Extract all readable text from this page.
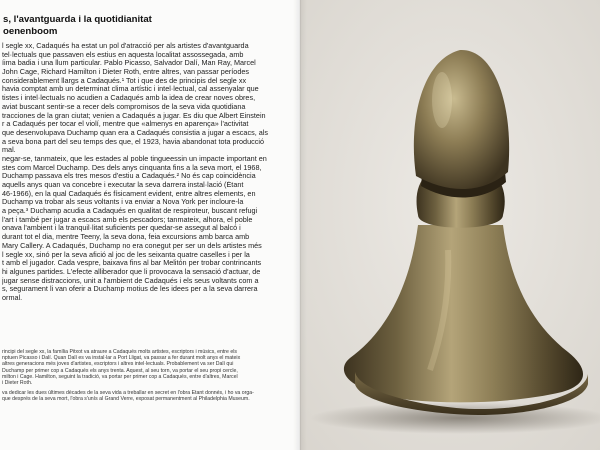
s, l'avantguarda i la quotidianitat
oenenboom
l segle xx, Cadaqués ha estat un pol d'atracció per als artistes d'avantguarda
tel·lectuals que passaven els estius en aquesta localitat assossegada, amb
íima badia i una llum particular. Pablo Picasso, Salvador Dalí, Man Ray, Marcel
John Cage, Richard Hamilton i Dieter Roth, entre altres, van passar períodes
considerablement llargs a Cadaqués.¹ Tot i que des de principis del segle xx
havia comptat amb un determinat clima artístic i intel·lectual, cal assenyalar que
tistes i intel·lectuals no acudien a Cadaqués amb la idea de crear noves obres,
aviat buscant sentir-se a recer dels compromisos de la seva vida quotidiana
tracciones de la gran ciutat; venien a Cadaqués a jugar. Es diu que Albert Einstein
r a Cadaqués per tocar el violí, mentre que «almenys en aparença» l'activitat
que desenvolupava Duchamp quan era a Cadaqués consistia a jugar a escacs, als
a seva bona part del seu temps des que, el 1923, havia abandonat tota producció
mal.
negar-se, tanmateix, que les estades al poble tingueessin un impacte important en
stes com Marcel Duchamp. Des dels anys cinquanta fins a la seva mort, el 1968,
Duchamp passava els tres mesos d'estiu a Cadaqués.² No és cap coincidència
aquells anys quan va concebre i executar la seva darrera instal·lació (Étant
46-1966), en la qual Cadaqués és físicament evident, entre altres elements, en
Duchamp va trobar als seus voltants i va enviar a Nova York per incloure-la
a peça.³ Duchamp acudia a Cadaqués en qualitat de respiroteur, buscant refugi
l'art i també per jugar a escacs amb els pescadors; tanmateix, alhora, el poble
onava l'ambient i la tranquil·litat suficients per quedar-se assegut al balcó i
durant tot el dia, mentre Teeny, la seva dona, feia excursions amb barca amb
Mary Callery. A Cadaqués, Duchamp no era conegut per ser un dels artistes més
l segle xx, sinó per la seva afició al joc de les seixanta quatre caselles i per la
t amb el jugador. Cada vespre, baixava fins al bar Melitón per trobar contrincants
hi algunes partides. L'efecte alliberador que li provocava la sensació d'actuar, de
jugar sense distraccions, unit a l'ambient de Cadaqués i els seus voltants com a
s, segurament li van oferir a Duchamp motius de les idees per a la seva darrera
ormal.
rincipi del segle xx, la família Pitxot va atraure a Cadaqués molts artistes, escriptors i músics, entre els
nptuen Picasso i Dalí. Quan Dalí es va instal·lar a Port Lligat, va passar a fer durant molt anys el mateix
altres generacions més joves d'artistes, escriptors i altres intel·lectuals. Probablement va ser Dalí qui
Duchamp per primer cop a Cadaqués els anys trenta. Aquest, al seu torn, va portar el seu propi cercle,
milton i Cage. Hamilton, seguint la tradició, va portar per primer cop a Cadaqués, entre d'altres, Marcel
i Dieter Roth.
va dedicar les dues últimes dècades de la seva vida a treballar en secret en l'obra Étant donnés, i ho va orga-
que després de la seva mort, l'obra s'unís al Grand Verre, exposat permanentment al Philadelphia Museum.
